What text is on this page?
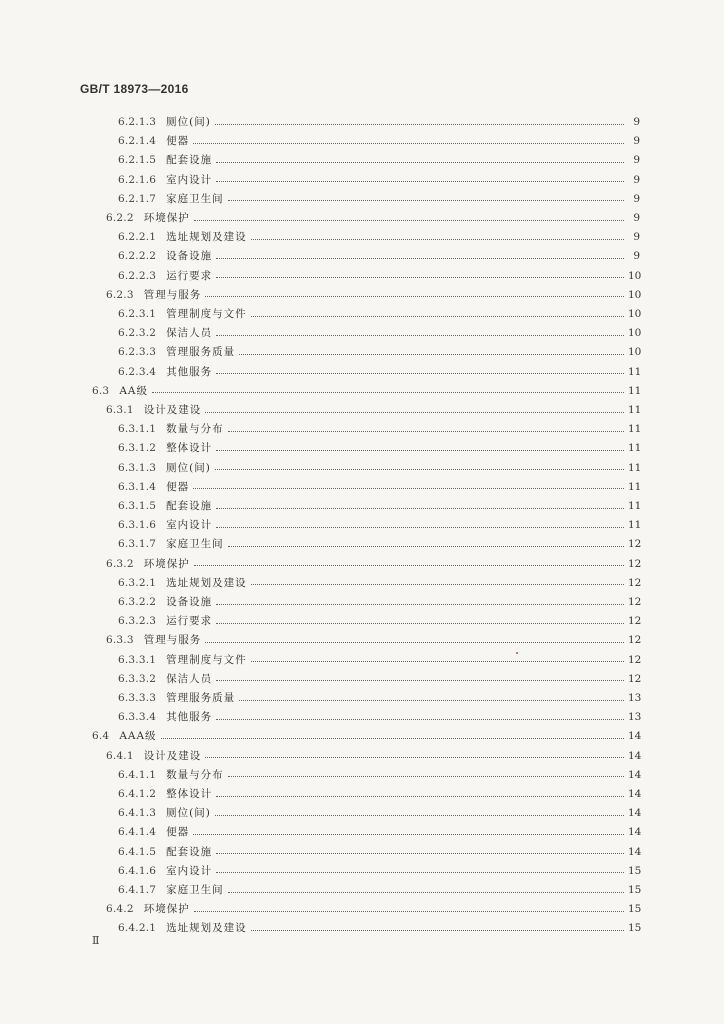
GB/T 18973—2016
6.2.1.3 厕位(间)	9
6.2.1.4 便器	9
6.2.1.5 配套设施	9
6.2.1.6 室内设计	9
6.2.1.7 家庭卫生间	9
6.2.2 环境保护	9
6.2.2.1 选址规划及建设	9
6.2.2.2 设备设施	9
6.2.2.3 运行要求	10
6.2.3 管理与服务	10
6.2.3.1 管理制度与文件	10
6.2.3.2 保洁人员	10
6.2.3.3 管理服务质量	10
6.2.3.4 其他服务	11
6.3 AA级	11
6.3.1 设计及建设	11
6.3.1.1 数量与分布	11
6.3.1.2 整体设计	11
6.3.1.3 厕位(间)	11
6.3.1.4 便器	11
6.3.1.5 配套设施	11
6.3.1.6 室内设计	11
6.3.1.7 家庭卫生间	12
6.3.2 环境保护	12
6.3.2.1 选址规划及建设	12
6.3.2.2 设备设施	12
6.3.2.3 运行要求	12
6.3.3 管理与服务	12
6.3.3.1 管理制度与文件	12
6.3.3.2 保洁人员	12
6.3.3.3 管理服务质量	13
6.3.3.4 其他服务	13
6.4 AAA级	14
6.4.1 设计及建设	14
6.4.1.1 数量与分布	14
6.4.1.2 整体设计	14
6.4.1.3 厕位(间)	14
6.4.1.4 便器	14
6.4.1.5 配套设施	14
6.4.1.6 室内设计	15
6.4.1.7 家庭卫生间	15
6.4.2 环境保护	15
6.4.2.1 选址规划及建设	15
Ⅱ
